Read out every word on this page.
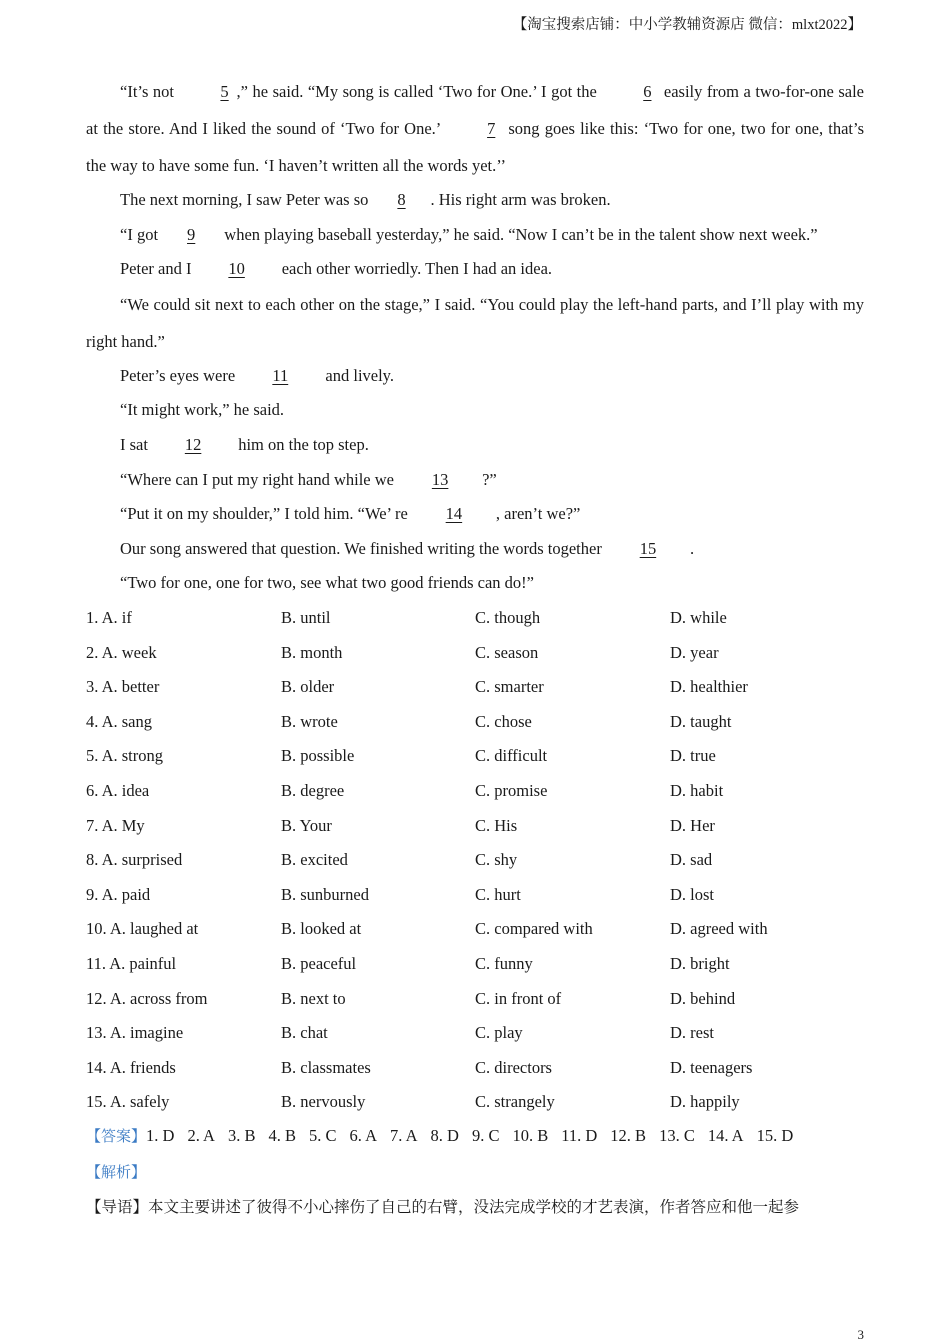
【淘宝搜索店铺：中小学教辅资源店 微信：mlxt2022】
“It’s not	5 ,” he said. “My song is called ‘Two for One.’ I got the	6 easily from a two-for-one sale at the store. And I liked the sound of ‘Two for One.’	7 song goes like this: ‘Two for one, two for one, that’s the way to have some fun. ‘I haven’t written all the words yet.’’
The next morning, I saw Peter was so 8 . His right arm was broken.
“I got 9 when playing baseball yesterday,” he said. “Now I can’t be in the talent show next week.”
Peter and I 10 each other worriedly. Then I had an idea.
“We could sit next to each other on the stage,” I said. “You could play the left-hand parts, and I’ll play with my right hand.”
Peter’s eyes were 11 and lively.
“It might work,” he said.
I sat 12 him on the top step.
“Where can I put my right hand while we 13 ?”
“Put it on my shoulder,” I told him. “We’ re 14 , aren’t we?”
Our song answered that question. We finished writing the words together 15 .
“Two for one, one for two, see what two good friends can do!”
1. A. if	B. until	C. though	D. while
2. A. week	B. month	C. season	D. year
3. A. better	B. older	C. smarter	D. healthier
4. A. sang	B. wrote	C. chose	D. taught
5. A. strong	B. possible	C. difficult	D. true
6. A. idea	B. degree	C. promise	D. habit
7. A. My	B. Your	C. His	D. Her
8. A. surprised	B. excited	C. shy	D. sad
9. A. paid	B. sunburned	C. hurt	D. lost
10. A. laughed at	B. looked at	C. compared with	D. agreed with
11. A. painful	B. peaceful	C. funny	D. bright
12. A. across from	B. next to	C. in front of	D. behind
13. A. imagine	B. chat	C. play	D. rest
14. A. friends	B. classmates	C. directors	D. teenagers
15. A. safely	B. nervously	C. strangely	D. happily
【答案】1. D 2. A 3. B 4. B 5. C 6. A 7. A 8. D 9. C 10. B 11. D 12. B 13. C 14. A 15. D
【解析】
【导语】本文主要讲述了彼得不小心摔伤了自己的右臂，没法完成学校的才艺表演，作者答应和他一起参
3
